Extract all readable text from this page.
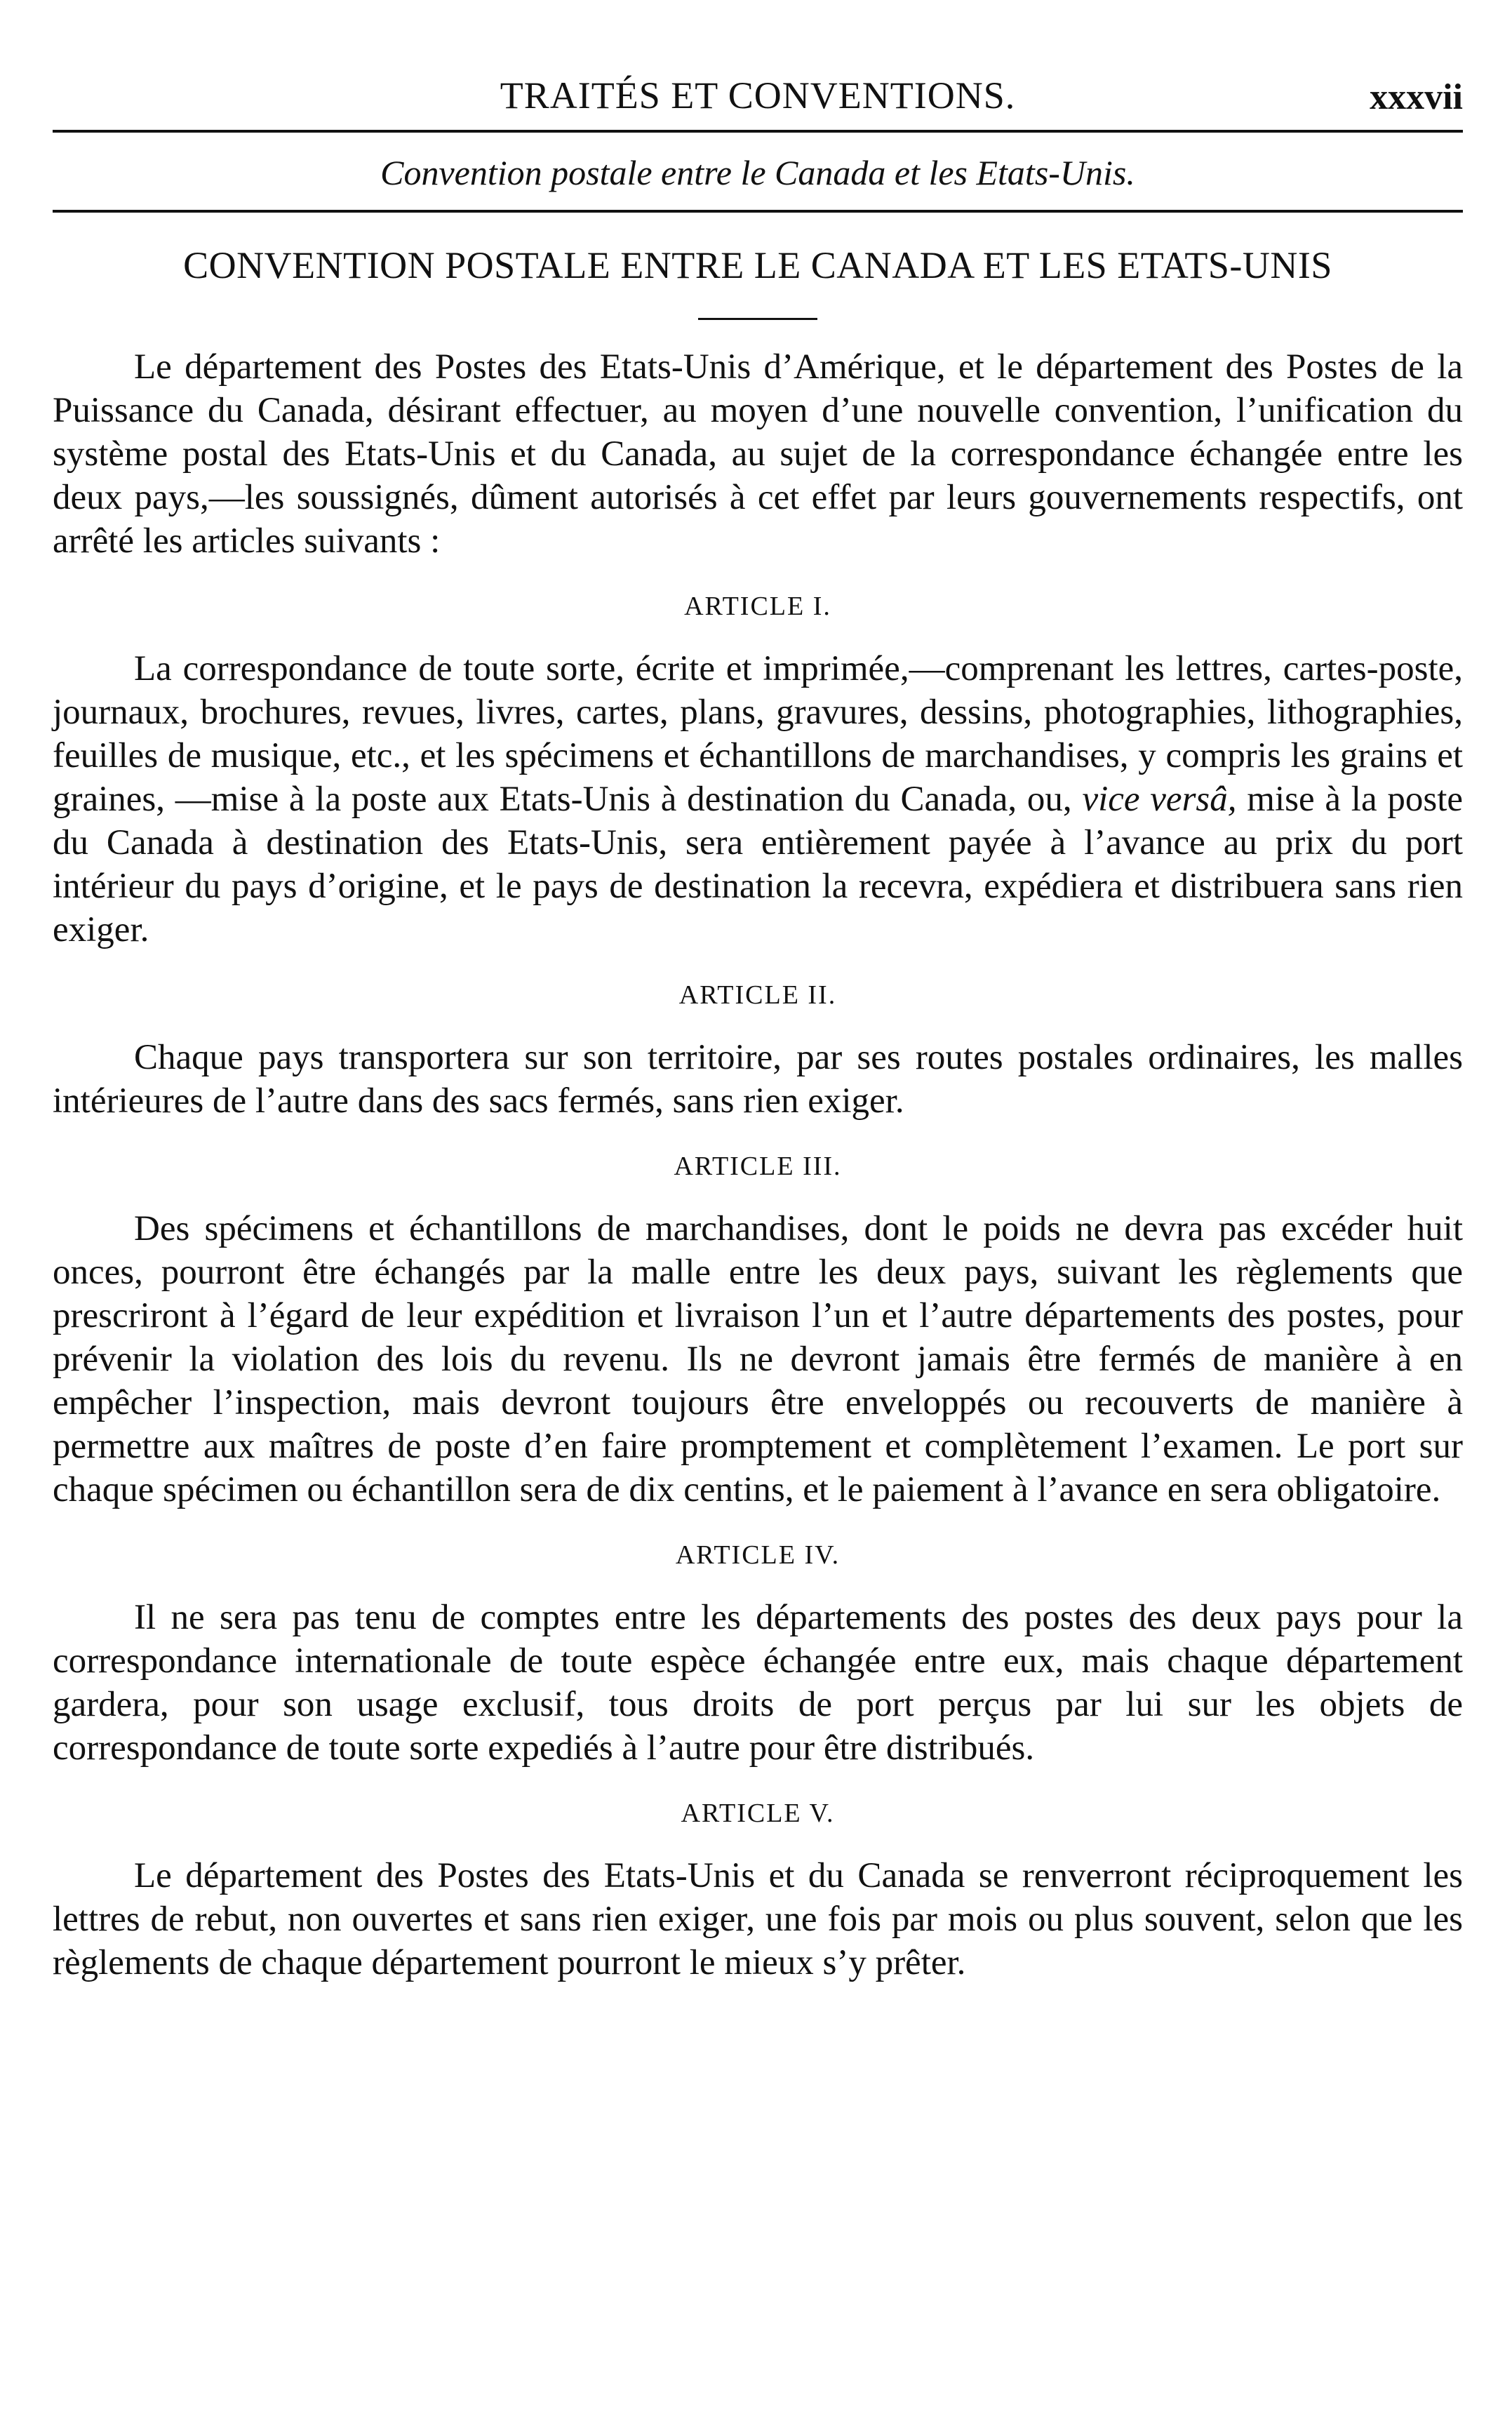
TRAITÉS ET CONVENTIONS.	xxxvii
Convention postale entre le Canada et les Etats-Unis.
CONVENTION POSTALE ENTRE LE CANADA ET LES ETATS-UNIS

Le département des Postes des Etats-Unis d’Amérique, et le département des Postes de la Puissance du Canada, désirant effectuer, au moyen d’une nouvelle convention, l’unification du système postal des Etats-Unis et du Canada, au sujet de la correspondance échangée entre les deux pays,—les soussignés, dûment autorisés à cet effet par leurs gouvernements respectifs, ont arrêté les articles suivants :

ARTICLE I.

La correspondance de toute sorte, écrite et imprimée,—comprenant les lettres, cartes-poste, journaux, brochures, revues, livres, cartes, plans, gravures, dessins, photographies, lithographies, feuilles de musique, etc., et les spécimens et échantillons de marchandises, y compris les grains et graines, —mise à la poste aux Etats-Unis à destination du Canada, ou, vice versâ, mise à la poste du Canada à destination des Etats-Unis, sera entièrement payée à l’avance au prix du port intérieur du pays d’origine, et le pays de destination la recevra, expédiera et distribuera sans rien exiger.

ARTICLE II.

Chaque pays transportera sur son territoire, par ses routes postales ordinaires, les malles intérieures de l’autre dans des sacs fermés, sans rien exiger.

ARTICLE III.

Des spécimens et échantillons de marchandises, dont le poids ne devra pas excéder huit onces, pourront être échangés par la malle entre les deux pays, suivant les règlements que prescriront à l’égard de leur expédition et livraison l’un et l’autre départements des postes, pour prévenir la violation des lois du revenu. Ils ne devront jamais être fermés de manière à en empêcher l’inspection, mais devront toujours être enveloppés ou recouverts de manière à permettre aux maîtres de poste d’en faire promptement et complètement l’examen. Le port sur chaque spécimen ou échantillon sera de dix centins, et le paiement à l’avance en sera obligatoire.

ARTICLE IV.

Il ne sera pas tenu de comptes entre les départements des postes des deux pays pour la correspondance internationale de toute espèce échangée entre eux, mais chaque département gardera, pour son usage exclusif, tous droits de port perçus par lui sur les objets de correspondance de toute sorte expediés à l’autre pour être distribués.

ARTICLE V.

Le département des Postes des Etats-Unis et du Canada se renverront réciproquement les lettres de rebut, non ouvertes et sans rien exiger, une fois par mois ou plus souvent, selon que les règlements de chaque département pourront le mieux s’y prêter.
